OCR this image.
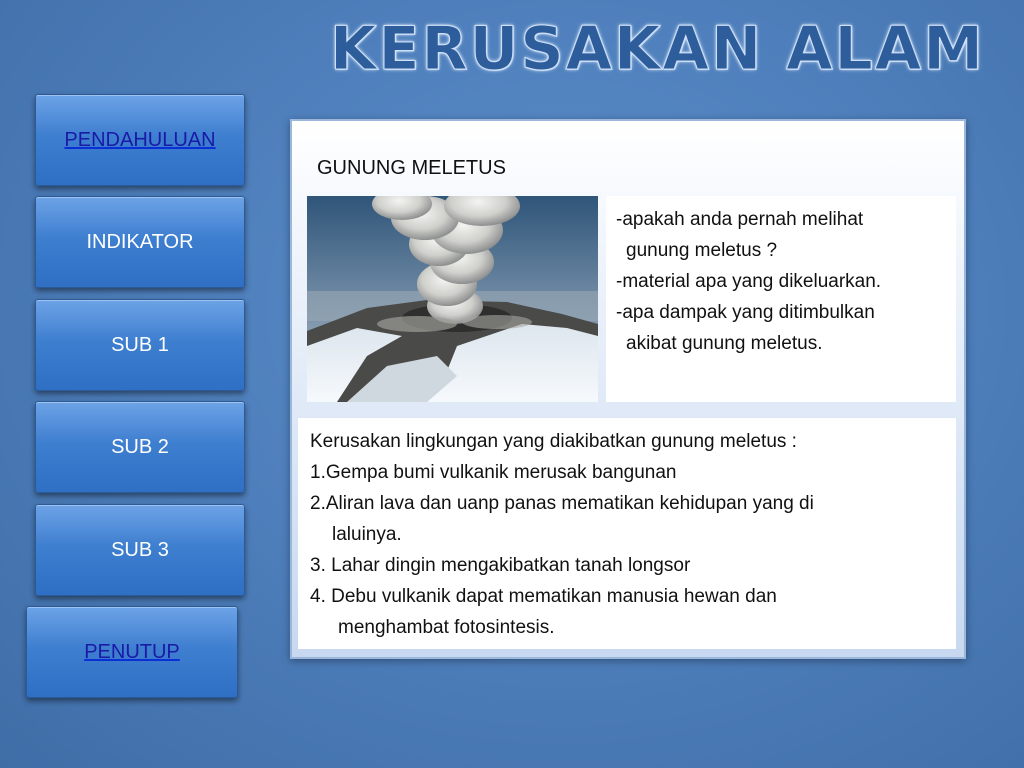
KERUSAKAN ALAM
PENDAHULUAN
INDIKATOR
SUB 1
SUB 2
SUB 3
PENUTUP
GUNUNG MELETUS
-apakah anda pernah melihat
gunung meletus ?
-material apa yang dikeluarkan.
-apa dampak yang ditimbulkan
akibat gunung meletus.
Kerusakan lingkungan yang diakibatkan gunung meletus :
1.Gempa bumi vulkanik merusak bangunan
2.Aliran lava dan uanp panas mematikan kehidupan yang di
laluinya.
3. Lahar dingin mengakibatkan tanah longsor
4. Debu vulkanik dapat mematikan manusia hewan dan
menghambat fotosintesis.
